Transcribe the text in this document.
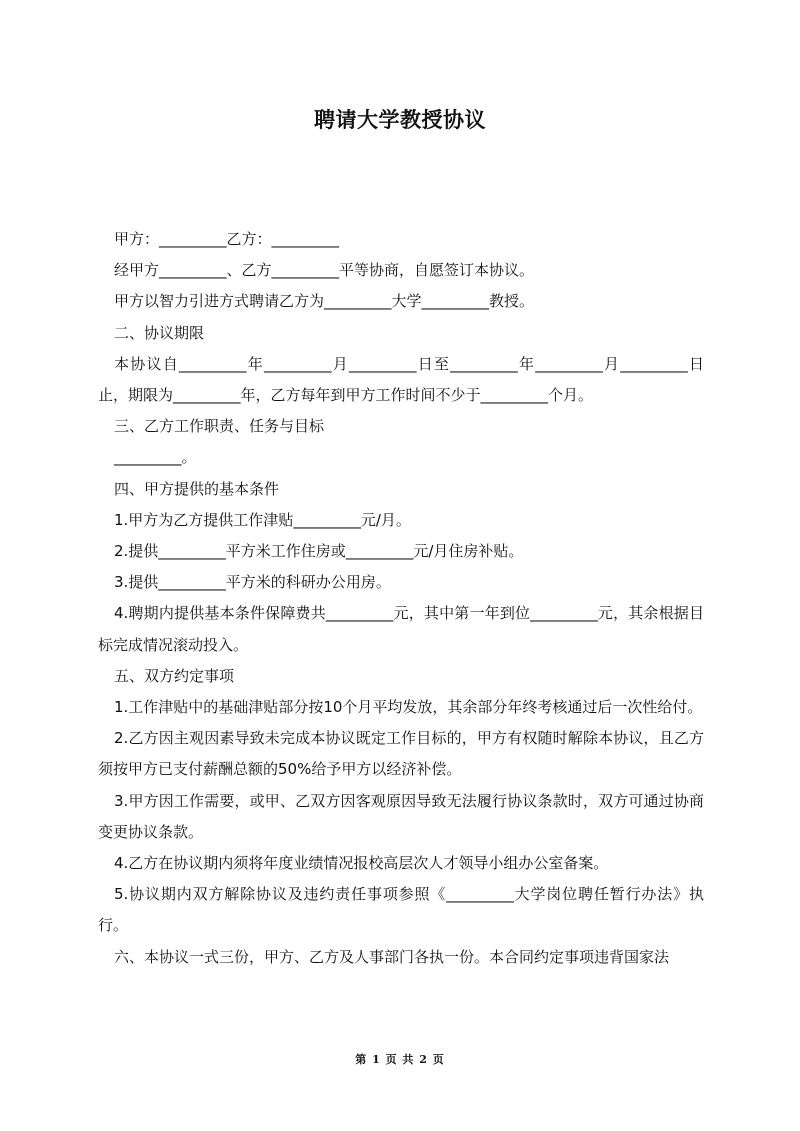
聘请大学教授协议

甲方：_________乙方：_________

经甲方_________、乙方_________平等协商，自愿签订本协议。

甲方以智力引进方式聘请乙方为_________大学_________教授。

二、协议期限

本协议自_________年_________月_________日至_________年_________月_________日止，期限为_________年，乙方每年到甲方工作时间不少于_________个月。

三、乙方工作职责、任务与目标

_________。

四、甲方提供的基本条件

1.甲方为乙方提供工作津贴_________元/月。

2.提供_________平方米工作住房或_________元/月住房补贴。

3.提供_________平方米的科研办公用房。

4.聘期内提供基本条件保障费共_________元，其中第一年到位_________元，其余根据目标完成情况滚动投入。

五、双方约定事项

1.工作津贴中的基础津贴部分按10个月平均发放，其余部分年终考核通过后一次性给付。

2.乙方因主观因素导致未完成本协议既定工作目标的，甲方有权随时解除本协议，且乙方须按甲方已支付薪酬总额的50%给予甲方以经济补偿。

3.甲方因工作需要，或甲、乙双方因客观原因导致无法履行协议条款时，双方可通过协商变更协议条款。

4.乙方在协议期内须将年度业绩情况报校高层次人才领导小组办公室备案。

5.协议期内双方解除协议及违约责任事项参照《_________大学岗位聘任暂行办法》执行。

六、本协议一式三份，甲方、乙方及人事部门各执一份。本合同约定事项违背国家法

第 1 页 共 2 页
